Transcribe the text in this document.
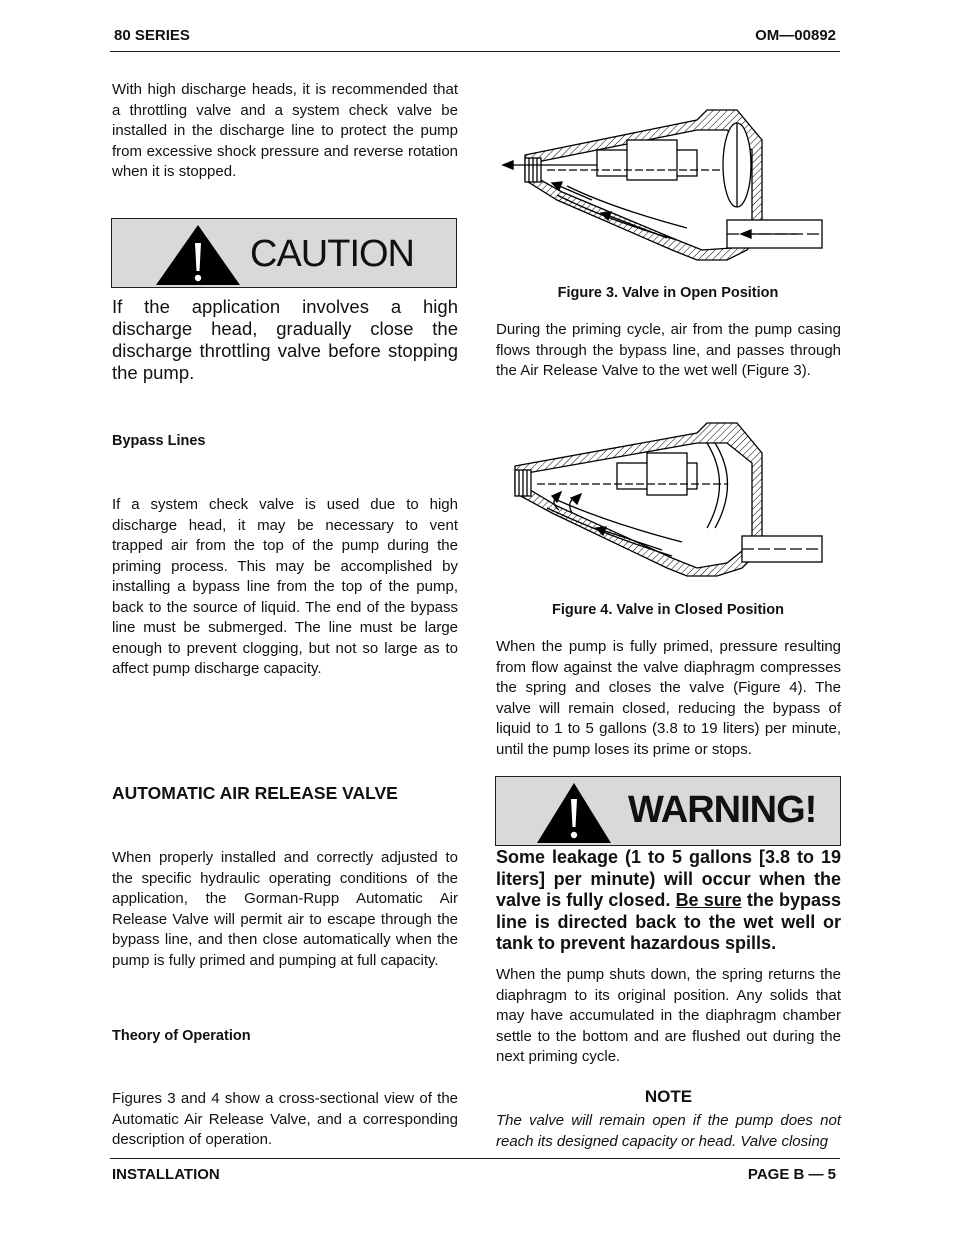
80 SERIES	OM—00892
With high discharge heads, it is recommended that a throttling valve and a system check valve be installed in the discharge line to protect the pump from excessive shock pressure and reverse rotation when it is stopped.
CAUTION
If the application involves a high discharge head, gradually close the discharge throttling valve before stopping the pump.
Bypass Lines
If a system check valve is used due to high discharge head, it may be necessary to vent trapped air from the top of the pump during the priming process. This may be accomplished by installing a bypass line from the top of the pump, back to the source of liquid. The end of the bypass line must be submerged. The line must be large enough to prevent clogging, but not so large as to affect pump discharge capacity.
AUTOMATIC AIR RELEASE VALVE
When properly installed and correctly adjusted to the specific hydraulic operating conditions of the application, the Gorman-Rupp Automatic Air Release Valve will permit air to escape through the bypass line, and then close automatically when the pump is fully primed and pumping at full capacity.
Theory of Operation
Figures 3 and 4 show a cross-sectional view of the Automatic Air Release Valve, and a corresponding description of operation.
Figure 3. Valve in Open Position
During the priming cycle, air from the pump casing flows through the bypass line, and passes through the Air Release Valve to the wet well (Figure 3).
Figure 4. Valve in Closed Position
When the pump is fully primed, pressure resulting from flow against the valve diaphragm compresses the spring and closes the valve (Figure 4). The valve will remain closed, reducing the bypass of liquid to 1 to 5 gallons (3.8 to 19 liters) per minute, until the pump loses its prime or stops.
WARNING!
Some leakage (1 to 5 gallons [3.8 to 19 liters] per minute) will occur when the valve is fully closed. Be sure the bypass line is directed back to the wet well or tank to prevent hazardous spills.
When the pump shuts down, the spring returns the diaphragm to its original position. Any solids that may have accumulated in the diaphragm chamber settle to the bottom and are flushed out during the next priming cycle.
NOTE
The valve will remain open if the pump does not reach its designed capacity or head. Valve closing
INSTALLATION	PAGE B — 5
